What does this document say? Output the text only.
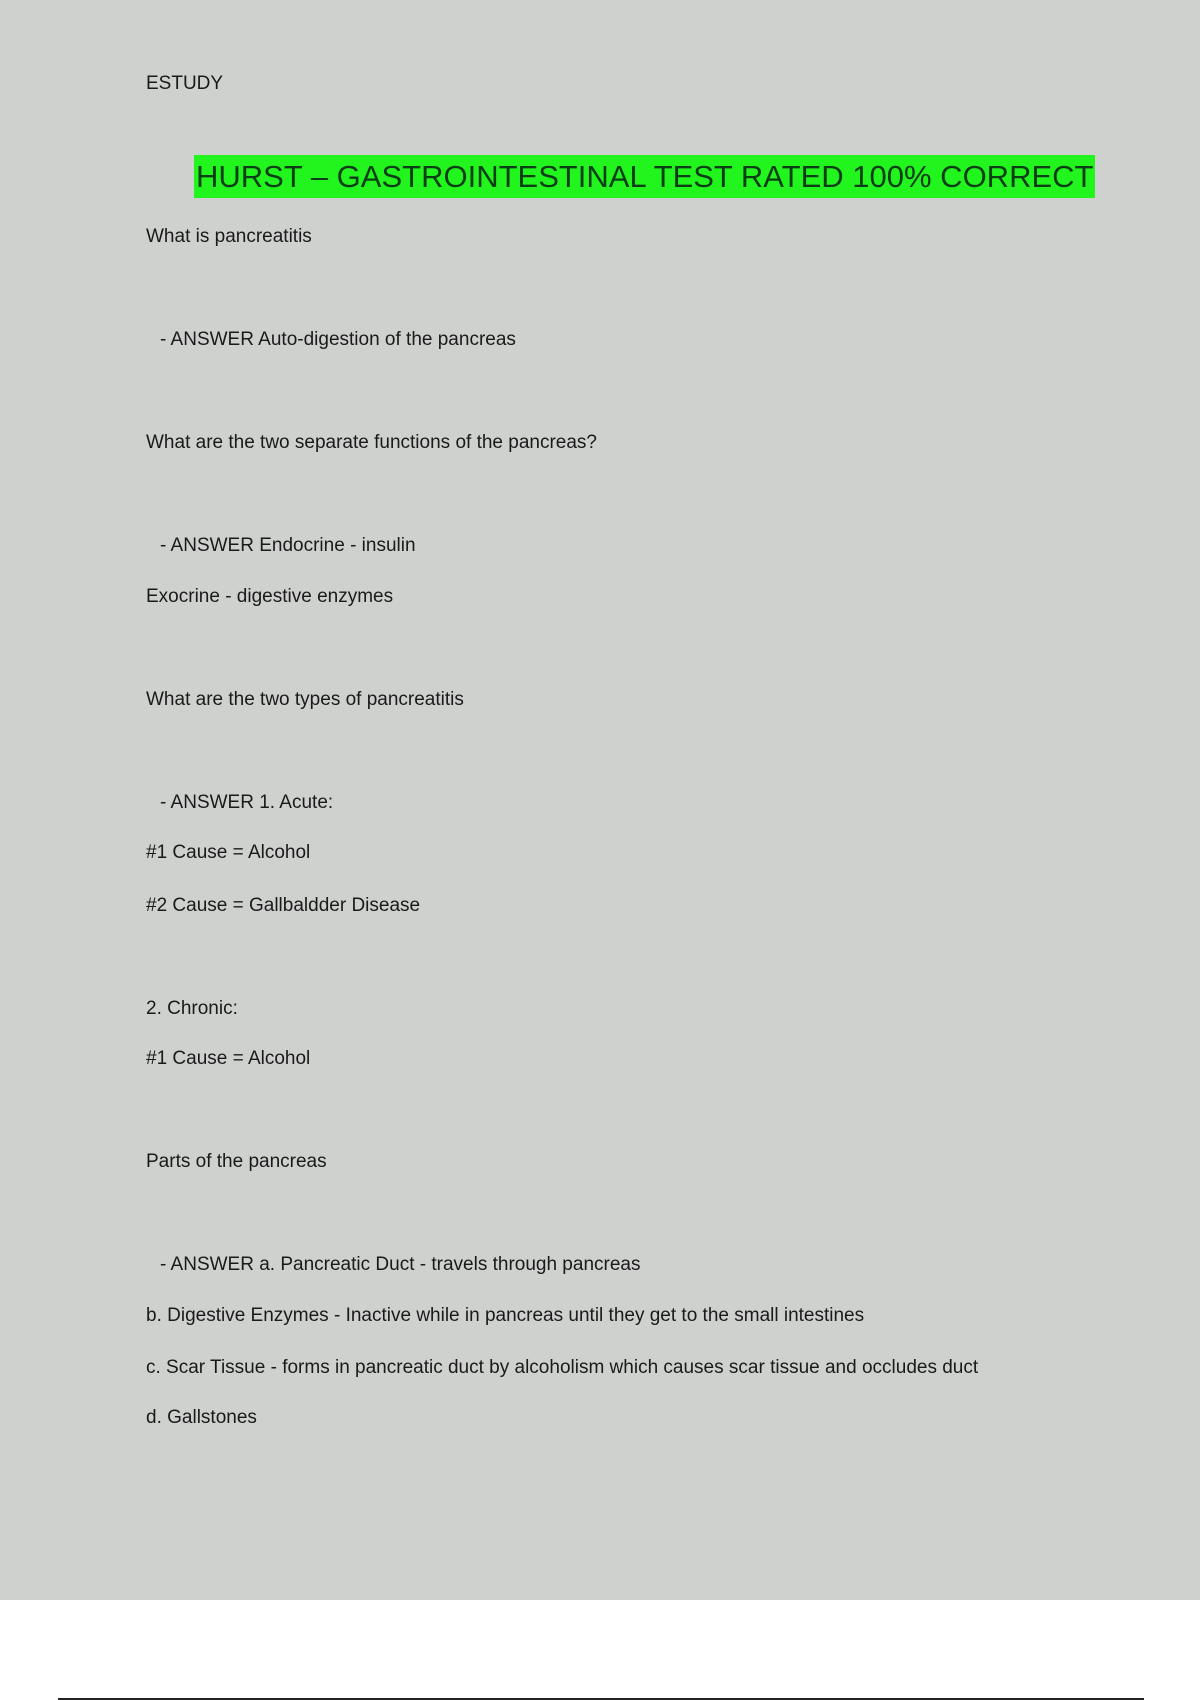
ESTUDY
HURST – GASTROINTESTINAL TEST RATED 100% CORRECT
What is pancreatitis
- ANSWER Auto-digestion of the pancreas
What are the two separate functions of the pancreas?
- ANSWER Endocrine - insulin
Exocrine - digestive enzymes
What are the two types of pancreatitis
- ANSWER 1. Acute:
#1 Cause = Alcohol
#2 Cause = Gallbaldder Disease
2. Chronic:
#1 Cause = Alcohol
Parts of the pancreas
- ANSWER a. Pancreatic Duct - travels through pancreas
b. Digestive Enzymes - Inactive while in pancreas until they get to the small intestines
c. Scar Tissue - forms in pancreatic duct by alcoholism which causes scar tissue and occludes duct
d. Gallstones
